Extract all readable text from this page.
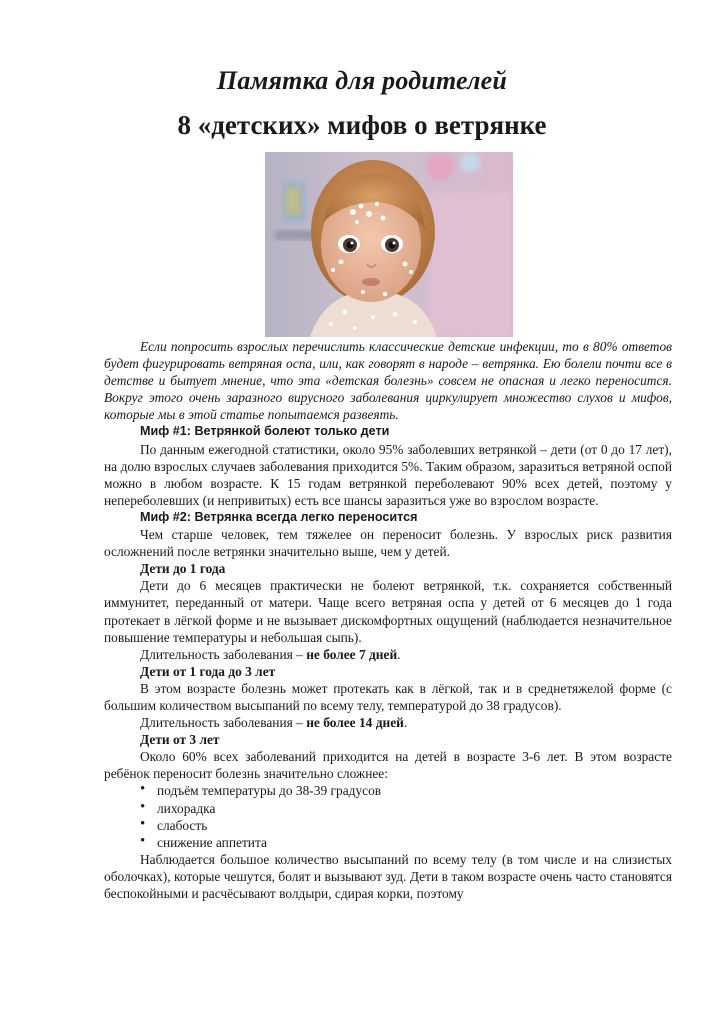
Памятка для родителей
8 «детских» мифов о ветрянке

Если попросить взрослых перечислить классические детские инфекции, то в 80% ответов будет фигурировать ветряная оспа, или, как говорят в народе – ветрянка. Ею болели почти все в детстве и бытует мнение, что эта «детская болезнь» совсем не опасная и легко переносится. Вокруг этого очень заразного вирусного заболевания циркулирует множество слухов и мифов, которые мы в этой статье попытаемся развеять.

Миф #1: Ветрянкой болеют только дети

По данным ежегодной статистики, около 95% заболевших ветрянкой – дети (от 0 до 17 лет), на долю взрослых случаев заболевания приходится 5%. Таким образом, заразиться ветряной оспой можно в любом возрасте. К 15 годам ветрянкой переболевают 90% всех детей, поэтому у непереболевших (и непривитых) есть все шансы заразиться уже во взрослом возрасте.

Миф #2: Ветрянка всегда легко переносится

Чем старше человек, тем тяжелее он переносит болезнь. У взрослых риск развития осложнений после ветрянки значительно выше, чем у детей.

Дети до 1 года

Дети до 6 месяцев практически не болеют ветрянкой, т.к. сохраняется собственный иммунитет, переданный от матери. Чаще всего ветряная оспа у детей от 6 месяцев до 1 года протекает в лёгкой форме и не вызывает дискомфортных ощущений (наблюдается незначительное повышение температуры и небольшая сыпь).

Длительность заболевания – не более 7 дней.

Дети от 1 года до 3 лет

В этом возрасте болезнь может протекать как в лёгкой, так и в среднетяжелой форме (с большим количеством высыпаний по всему телу, температурой до 38 градусов).

Длительность заболевания – не более 14 дней.

Дети от 3 лет

Около 60% всех заболеваний приходится на детей в возрасте 3-6 лет. В этом возрасте ребёнок переносит болезнь значительно сложнее:

• подъём температуры до 38-39 градусов
• лихорадка
• слабость
• снижение аппетита

Наблюдается большое количество высыпаний по всему телу (в том числе и на слизистых оболочках), которые чешутся, болят и вызывают зуд. Дети в таком возрасте очень часто становятся беспокойными и расчёсывают волдыри, сдирая корки, поэтому
